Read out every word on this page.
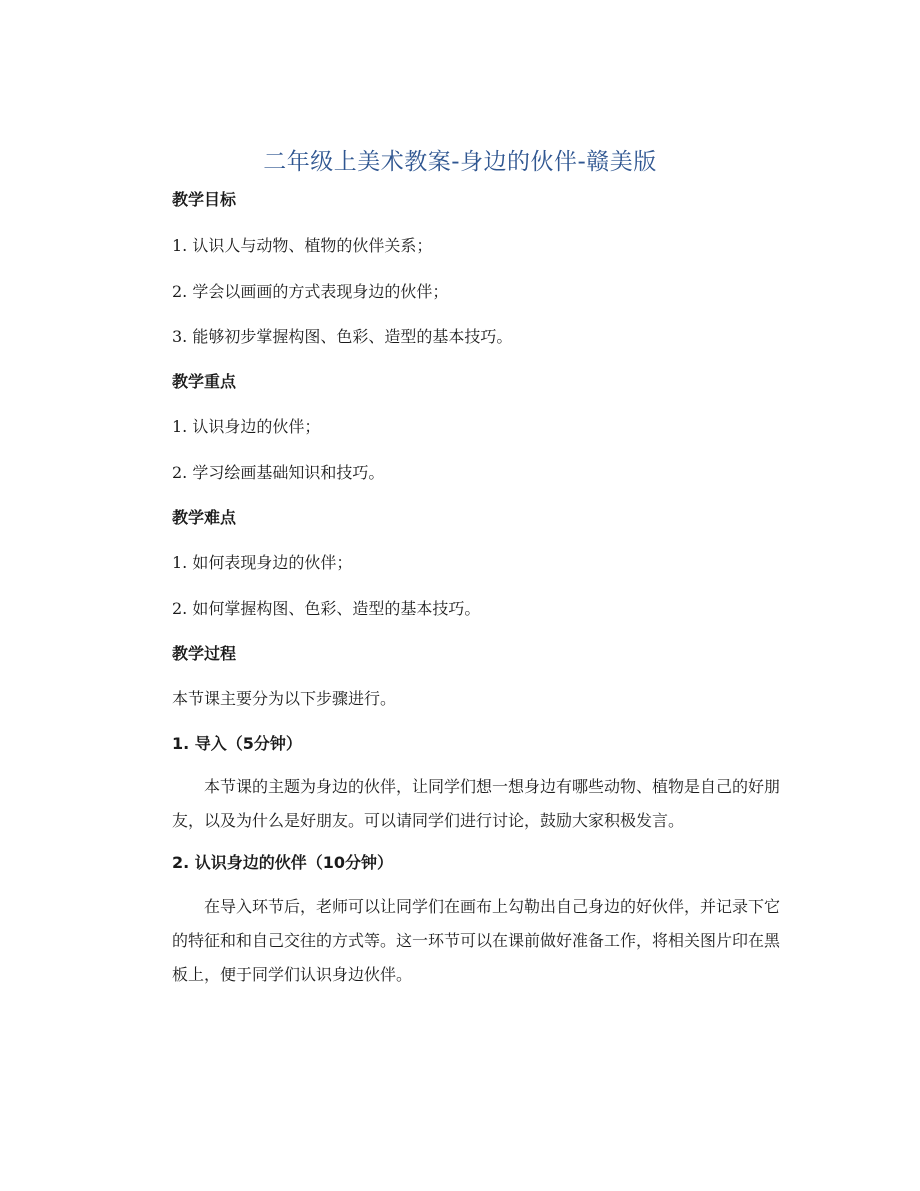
二年级上美术教案-身边的伙伴-赣美版
教学目标
1. 认识人与动物、植物的伙伴关系；
2. 学会以画画的方式表现身边的伙伴；
3. 能够初步掌握构图、色彩、造型的基本技巧。
教学重点
1. 认识身边的伙伴；
2. 学习绘画基础知识和技巧。
教学难点
1. 如何表现身边的伙伴；
2. 如何掌握构图、色彩、造型的基本技巧。
教学过程
本节课主要分为以下步骤进行。
1. 导入（5分钟）

本节课的主题为身边的伙伴，让同学们想一想身边有哪些动物、植物是自己的好朋友，以及为什么是好朋友。可以请同学们进行讨论，鼓励大家积极发言。

2. 认识身边的伙伴（10分钟）

在导入环节后，老师可以让同学们在画布上勾勒出自己身边的好伙伴，并记录下它的特征和和自己交往的方式等。这一环节可以在课前做好准备工作，将相关图片印在黑板上，便于同学们认识身边伙伴。
